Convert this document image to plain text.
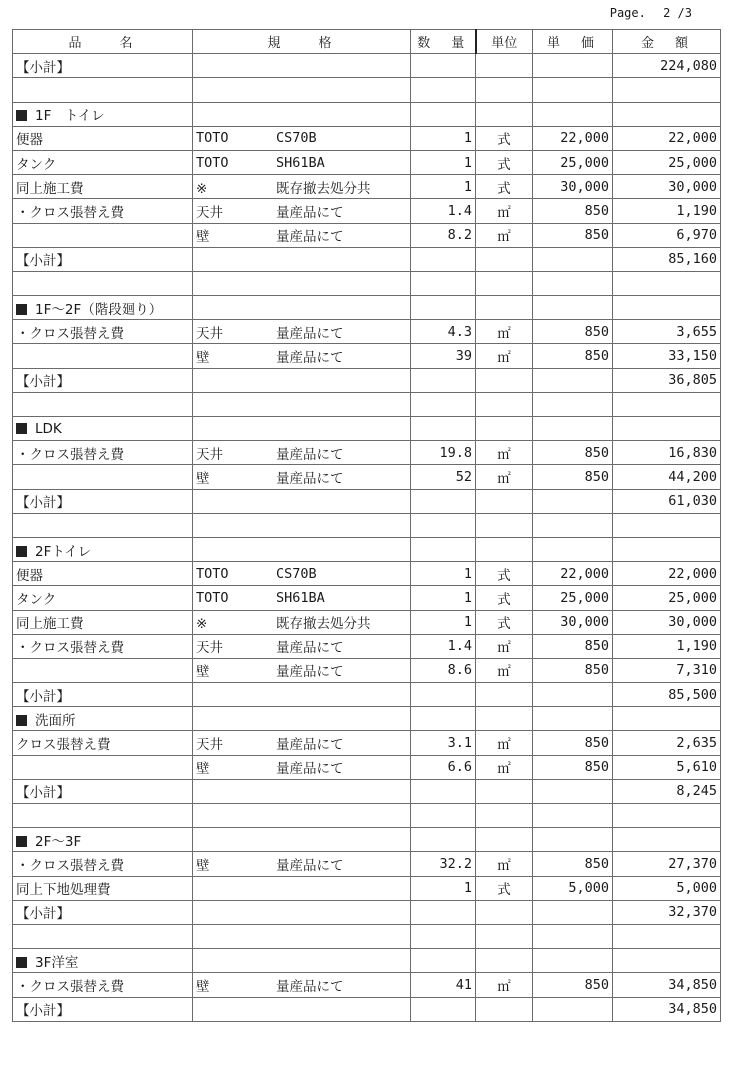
Page. 2 /3
品　　名	規　　格	数　量	単位	単　価	金　額
【小計】					224,080

1F　トイレ					
便器	TOTO CS70B	1	式	22,000	22,000
タンク	TOTO SH61BA	1	式	25,000	25,000
同上施工費	※ 既存撤去処分共	1	式	30,000	30,000
・クロス張替え費	天井 量産品にて	1.4	㎡	850	1,190
	壁 量産品にて	8.2	㎡	850	6,970
【小計】					85,160

1F～2F（階段廻り）					
・クロス張替え費	天井 量産品にて	4.3	㎡	850	3,655
	壁 量産品にて	39	㎡	850	33,150
【小計】					36,805

LDK					
・クロス張替え費	天井 量産品にて	19.8	㎡	850	16,830
	壁 量産品にて	52	㎡	850	44,200
【小計】					61,030

2Fトイレ					
便器	TOTO CS70B	1	式	22,000	22,000
タンク	TOTO SH61BA	1	式	25,000	25,000
同上施工費	※ 既存撤去処分共	1	式	30,000	30,000
・クロス張替え費	天井 量産品にて	1.4	㎡	850	1,190
	壁 量産品にて	8.6	㎡	850	7,310
【小計】					85,500
洗面所					
クロス張替え費	天井 量産品にて	3.1	㎡	850	2,635
	壁 量産品にて	6.6	㎡	850	5,610
【小計】					8,245

2F～3F					
・クロス張替え費	壁 量産品にて	32.2	㎡	850	27,370
同上下地処理費		1	式	5,000	5,000
【小計】					32,370

3F洋室					
・クロス張替え費	壁 量産品にて	41	㎡	850	34,850
【小計】					34,850
